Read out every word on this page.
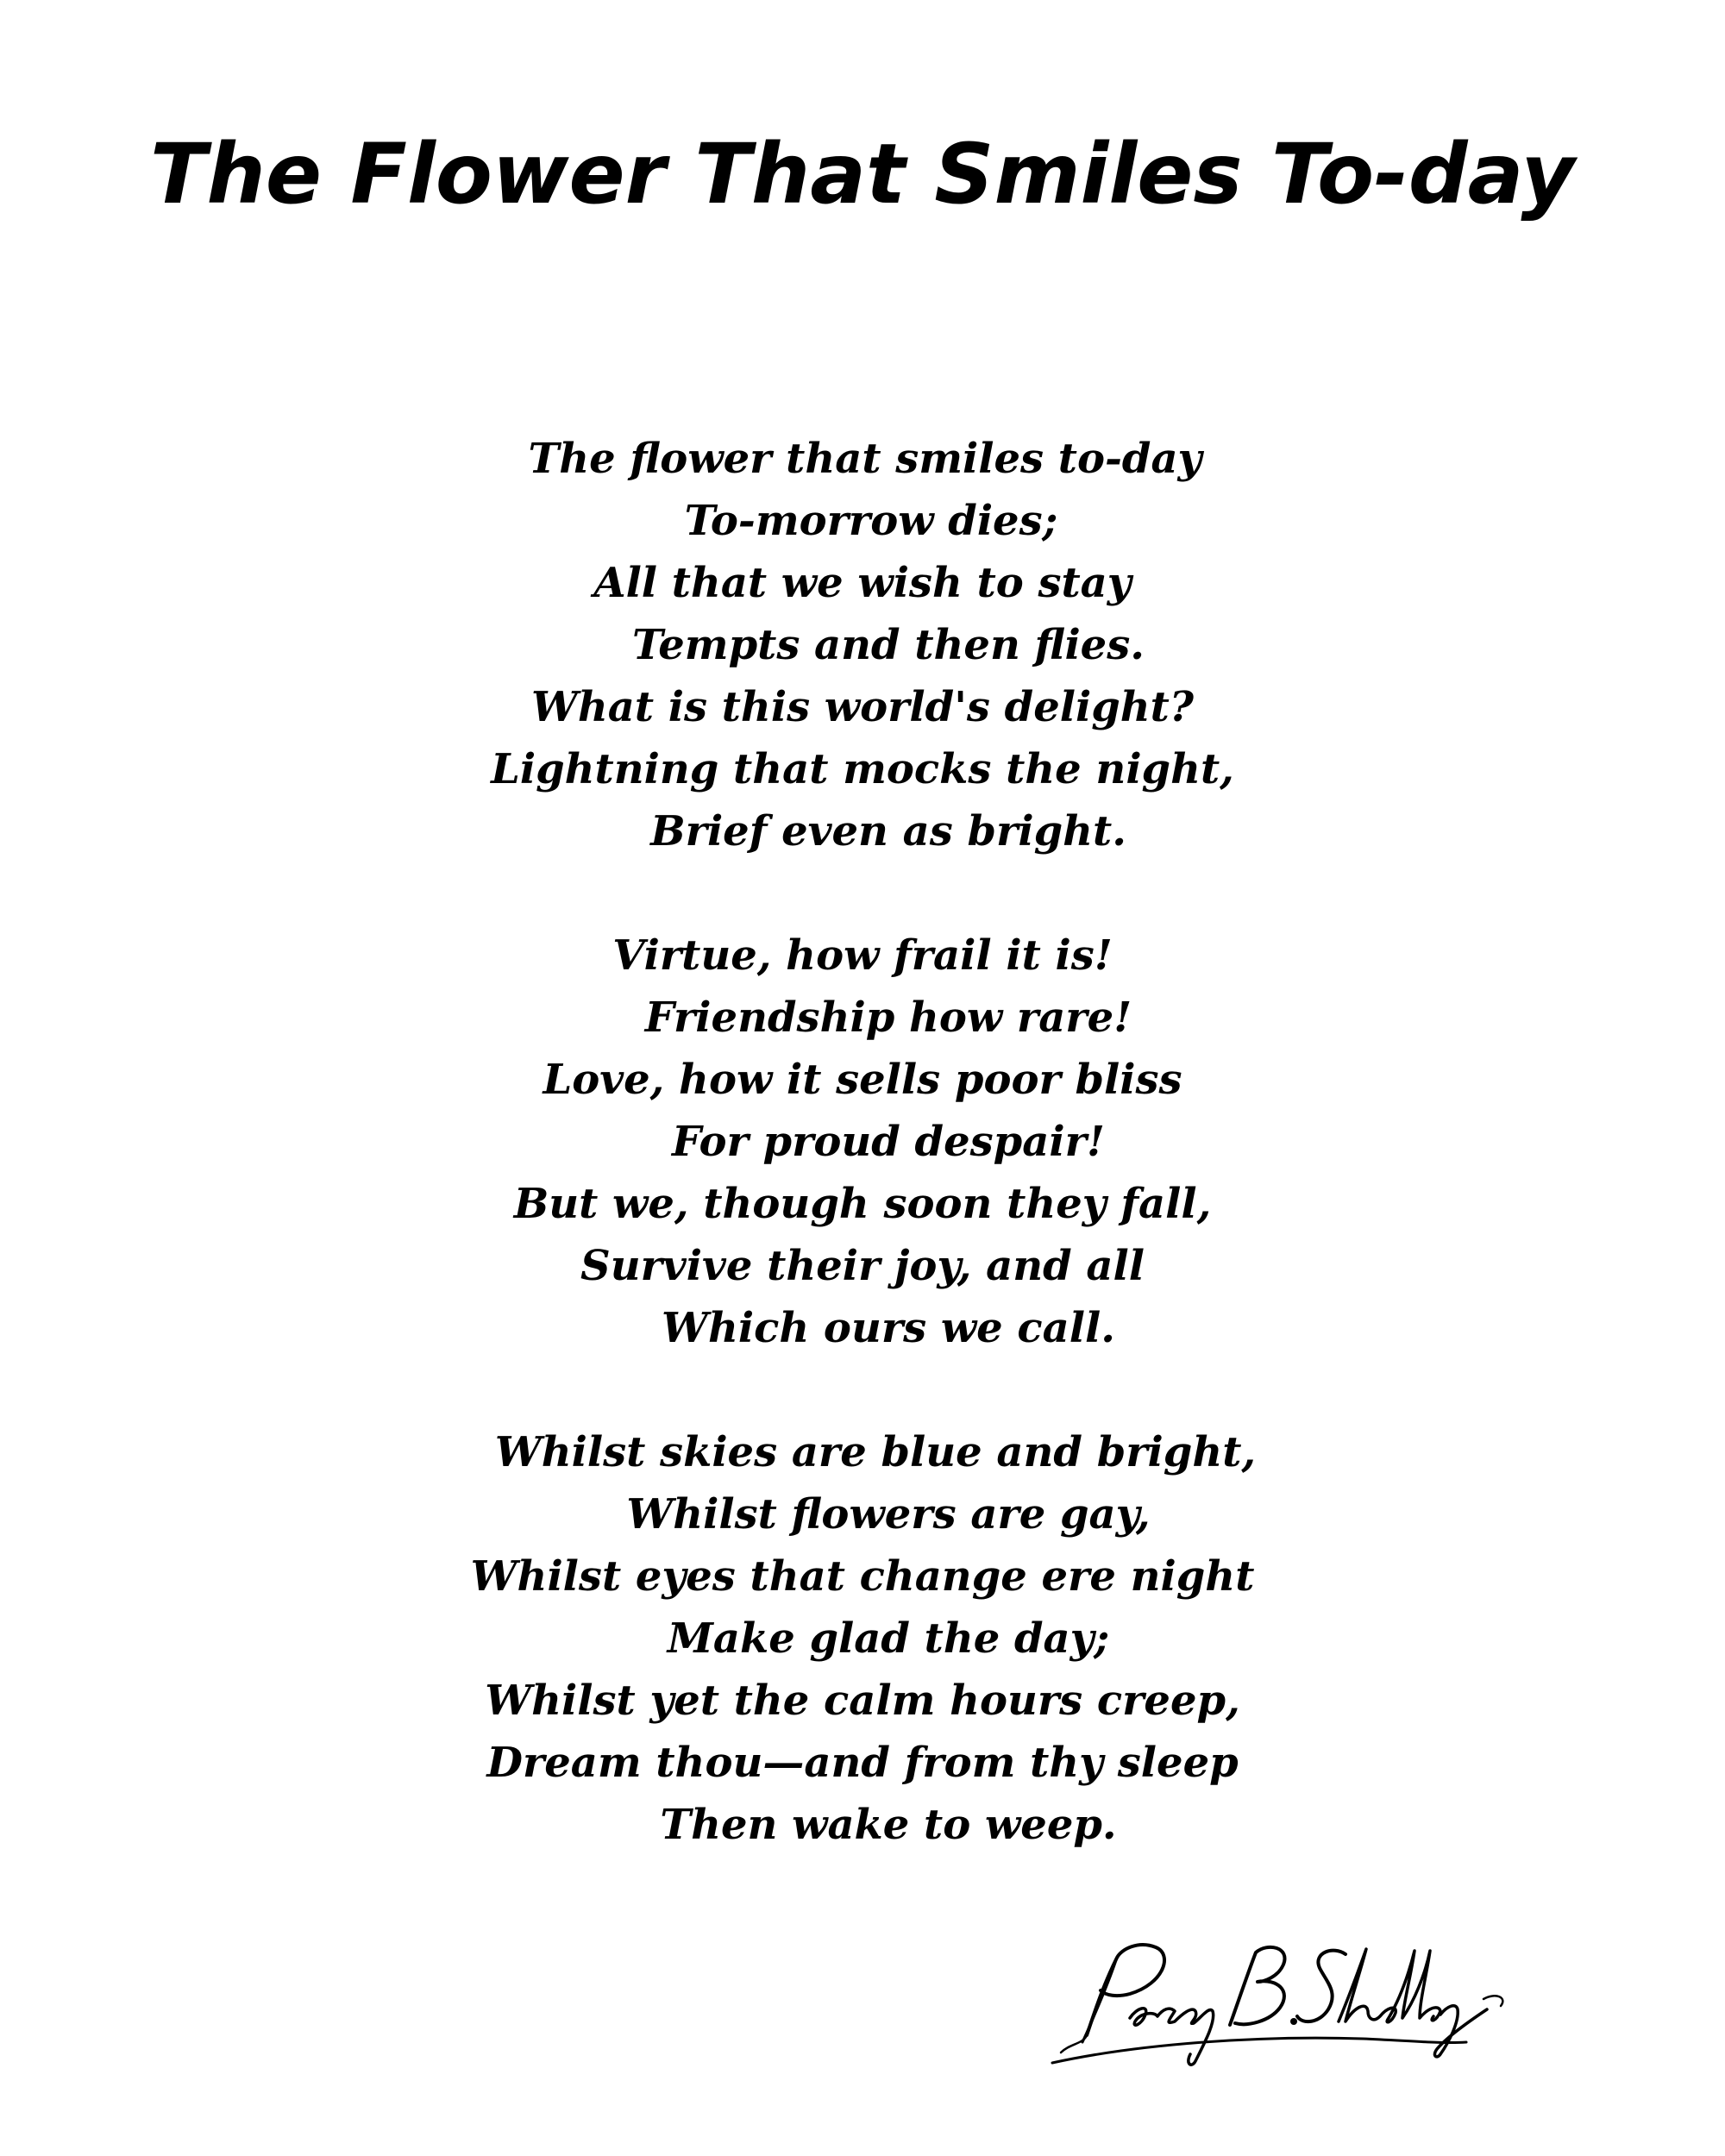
The Flower That Smiles To-day
The flower that smiles to-day
To-morrow dies;
All that we wish to stay
Tempts and then flies.
What is this world's delight?
Lightning that mocks the night,
Brief even as bright.
Virtue, how frail it is!
Friendship how rare!
Love, how it sells poor bliss
For proud despair!
But we, though soon they fall,
Survive their joy, and all
Which ours we call.
Whilst skies are blue and bright,
Whilst flowers are gay,
Whilst eyes that change ere night
Make glad the day;
Whilst yet the calm hours creep,
Dream thou—and from thy sleep
Then wake to weep.
